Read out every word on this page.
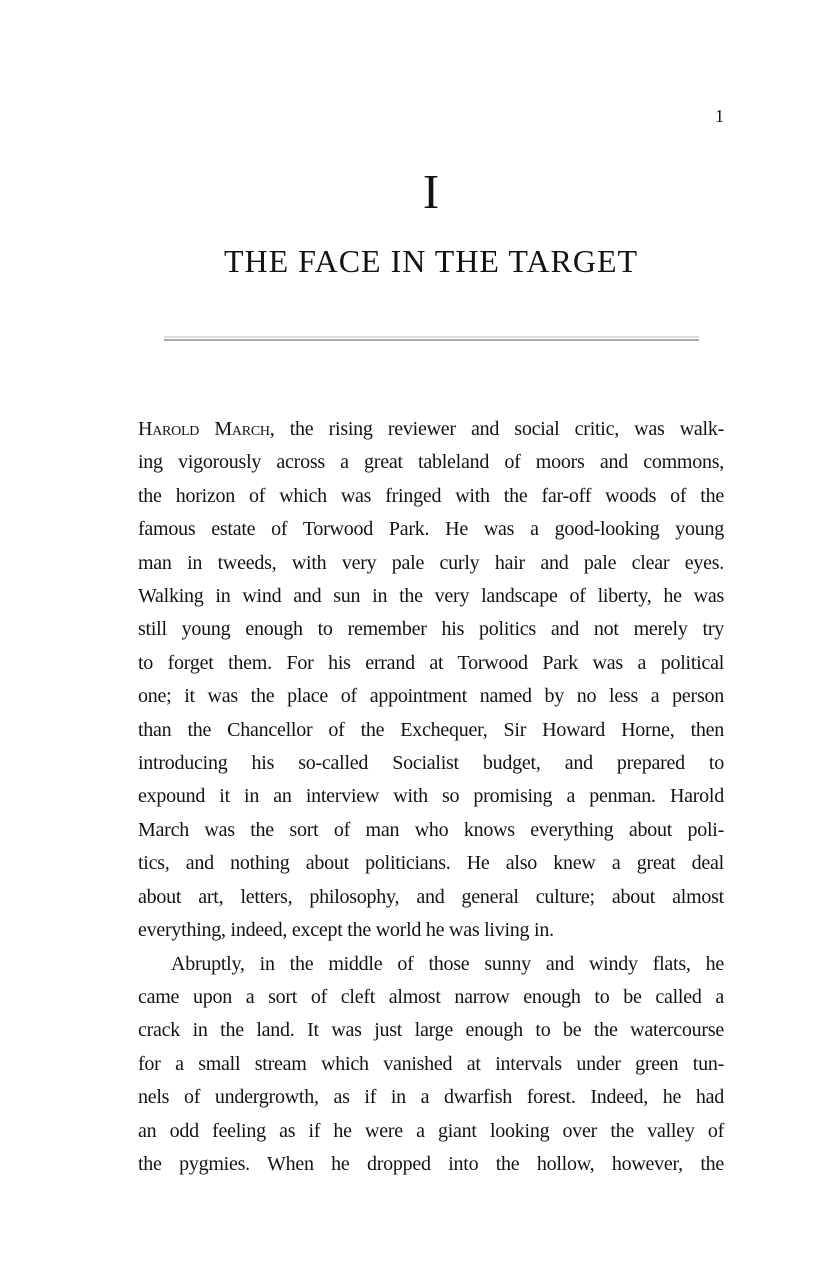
1
I
THE FACE IN THE TARGET
Harold March, the rising reviewer and social critic, was walk-
ing vigorously across a great tableland of moors and commons,
the horizon of which was fringed with the far-off woods of the
famous estate of Torwood Park. He was a good-looking young
man in tweeds, with very pale curly hair and pale clear eyes.
Walking in wind and sun in the very landscape of liberty, he was
still young enough to remember his politics and not merely try
to forget them. For his errand at Torwood Park was a political
one; it was the place of appointment named by no less a person
than the Chancellor of the Exchequer, Sir Howard Horne, then
introducing his so-called Socialist budget, and prepared to
expound it in an interview with so promising a penman. Harold
March was the sort of man who knows everything about poli-
tics, and nothing about politicians. He also knew a great deal
about art, letters, philosophy, and general culture; about almost
everything, indeed, except the world he was living in.
Abruptly, in the middle of those sunny and windy flats, he
came upon a sort of cleft almost narrow enough to be called a
crack in the land. It was just large enough to be the watercourse
for a small stream which vanished at intervals under green tun-
nels of undergrowth, as if in a dwarfish forest. Indeed, he had
an odd feeling as if he were a giant looking over the valley of
the pygmies. When he dropped into the hollow, however, the
